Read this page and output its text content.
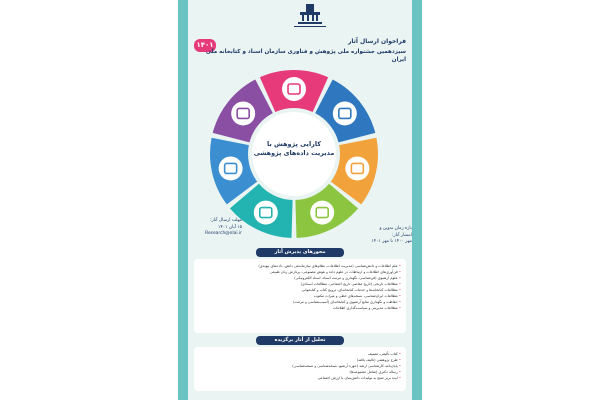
۱۴۰۱	فراخوان ارسال آثار
سیزدهمین جشنواره ملی پژوهش و فناوری سازمان اسناد و کتابخانه ملی ایران
کارایی پژوهش با
مدیریت داده‌های پژوهشی
مهلت ارسال آثار:
۱۵ آبان ۱۴۰۱
Research@nlai.ir
بازه زمان تدوین و انتشار آثار:
مهر ۱۴۰۰ تا مهر ۱۴۰۱
محورهای پذیرش آثار
• علم اطلاعات و دانش‌شناسی (مدیریت اطلاعات، نظام‌های سازماندهی دانش، داده‌های پیوندی)
• فن‌آوری‌های اطلاعات و ارتباطات در علوم داده و هوش مصنوعی، پردازش زبان طبیعی
• علوم آرشیوی (فن‌شناسی، نگهداری و مرمت اسناد، اسناد الکترونیکی)
• مطالعات تاریخی (تاریخ معاصر، تاریخ اجتماعی، مطالعات اسنادی)
• مطالعات کتابخانه‌ها و خدمات کتابخانه‌ای، ترویج کتاب و کتابخوانی
• مطالعات ایران‌شناسی، نسخه‌های خطی و میراث مکتوب
• حفاظت و نگهداری منابع آرشیوی و کتابخانه‌ای (آسیب‌شناسی و مرمت)
• مطالعات مدیریتی و سیاست‌گذاری اطلاعات
تحلیل از آثار برگزیده
• کتاب تألیفی، تصنیف
• طرح پژوهشی (تالیف یافته)
• پایان‌نامه کارشناسی ارشد (حوزه آرشیو، نسخه‌شناسی و نسخه‌شناسی)
• رساله دکتری (شامل مجموعه‌ها)
• ایده برتر منتج به تولیدات دانش‌بنیان یا ارزش اجتماعی
